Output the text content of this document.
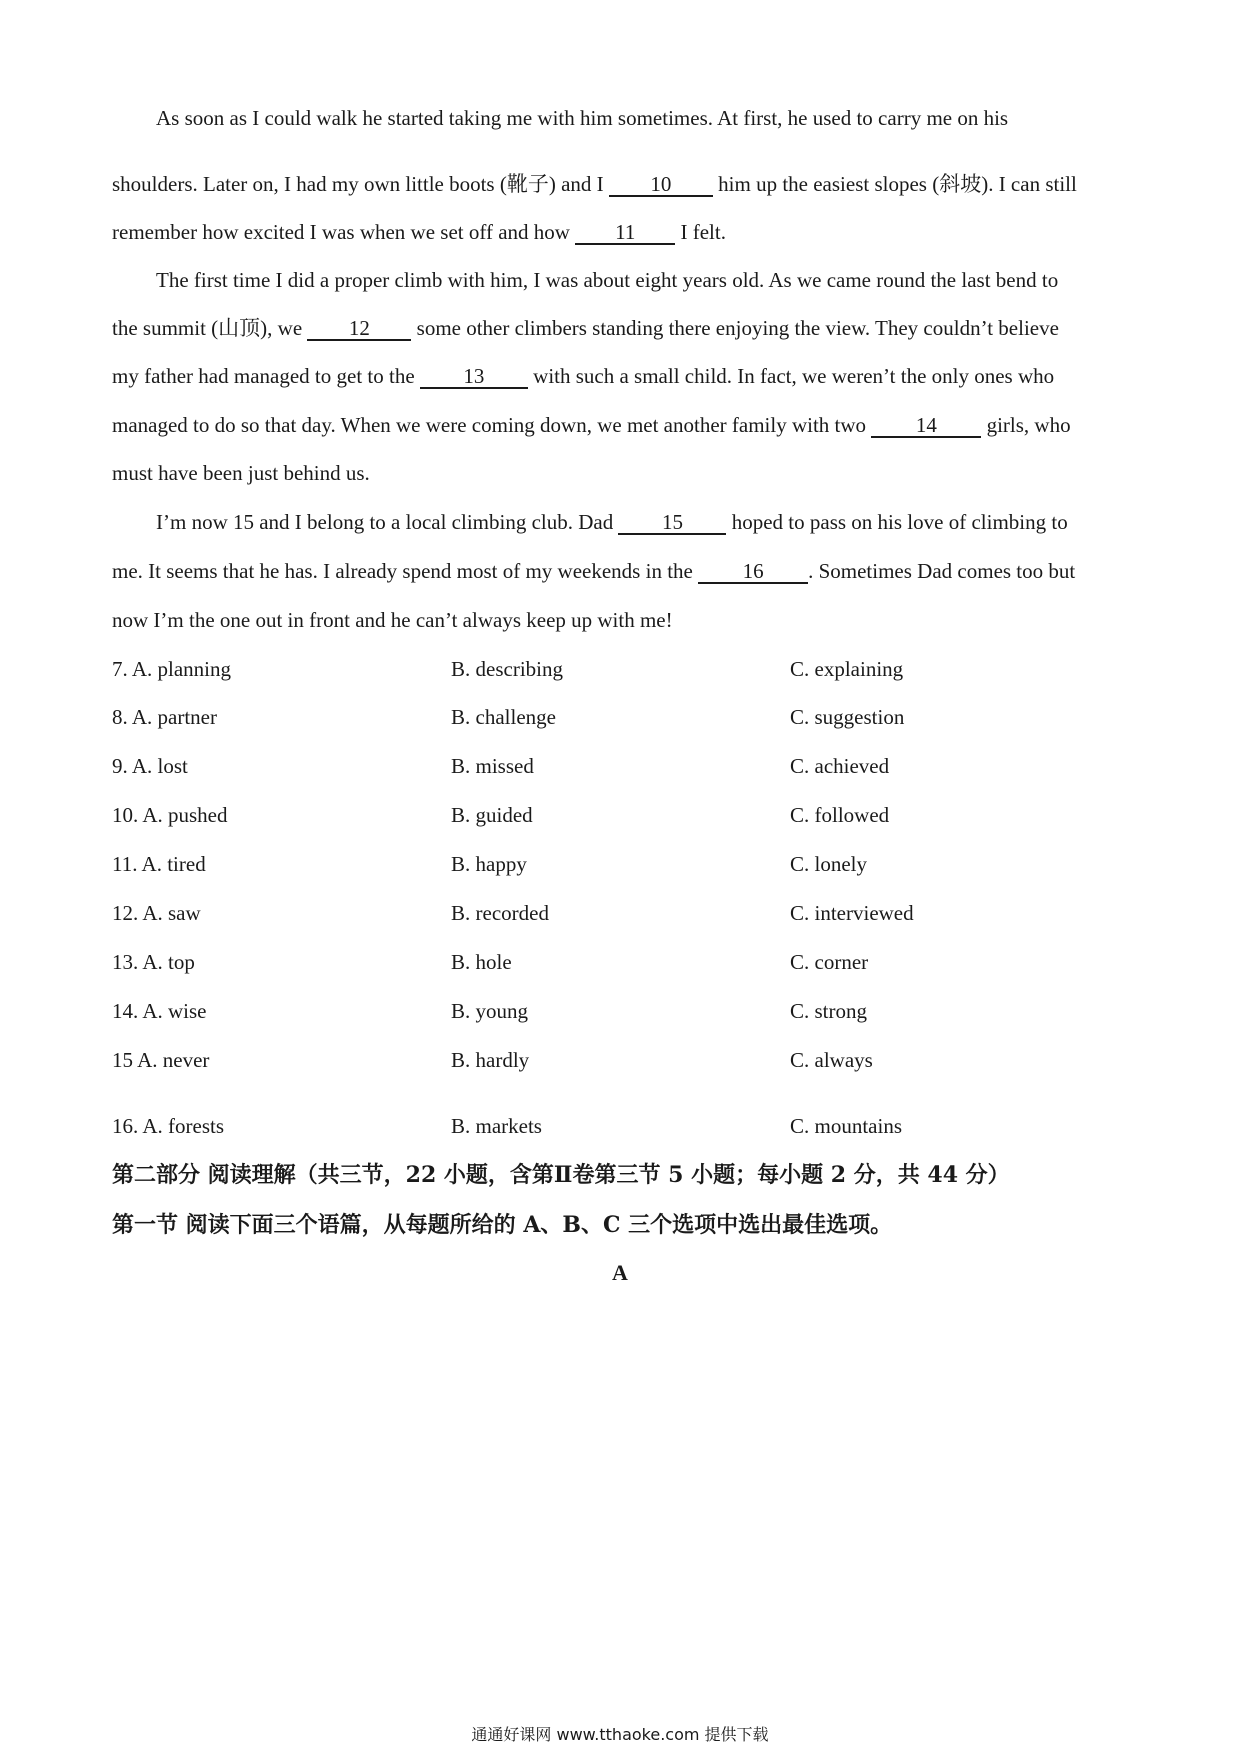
As soon as I could walk he started taking me with him sometimes. At first, he used to carry me on his
shoulders. Later on, I had my own little boots (靴子) and I 10 him up the easiest slopes (斜坡). I can still
remember how excited I was when we set off and how 11 I felt.
The first time I did a proper climb with him, I was about eight years old. As we came round the last bend to
the summit (山顶), we 12 some other climbers standing there enjoying the view. They couldn’t believe
my father had managed to get to the 13 with such a small child. In fact, we weren’t the only ones who
managed to do so that day. When we were coming down, we met another family with two 14 girls, who
must have been just behind us.
I’m now 15 and I belong to a local climbing club. Dad 15 hoped to pass on his love of climbing to
me. It seems that he has. I already spend most of my weekends in the 16 . Sometimes Dad comes too but
now I’m the one out in front and he can’t always keep up with me!
7. A. planning	B. describing	C. explaining
8. A. partner	B. challenge	C. suggestion
9. A. lost	B. missed	C. achieved
10. A. pushed	B. guided	C. followed
11. A. tired	B. happy	C. lonely
12. A. saw	B. recorded	C. interviewed
13. A. top	B. hole	C. corner
14. A. wise	B. young	C. strong
15 A. never	B. hardly	C. always
16. A. forests	B. markets	C. mountains
第二部分 阅读理解（共三节，22 小题，含第Ⅱ卷第三节 5 小题；每小题 2 分，共 44 分）
第一节 阅读下面三个语篇，从每题所给的 A、B、C 三个选项中选出最佳选项。
A
通通好课网 www.tthaoke.com 提供下载
